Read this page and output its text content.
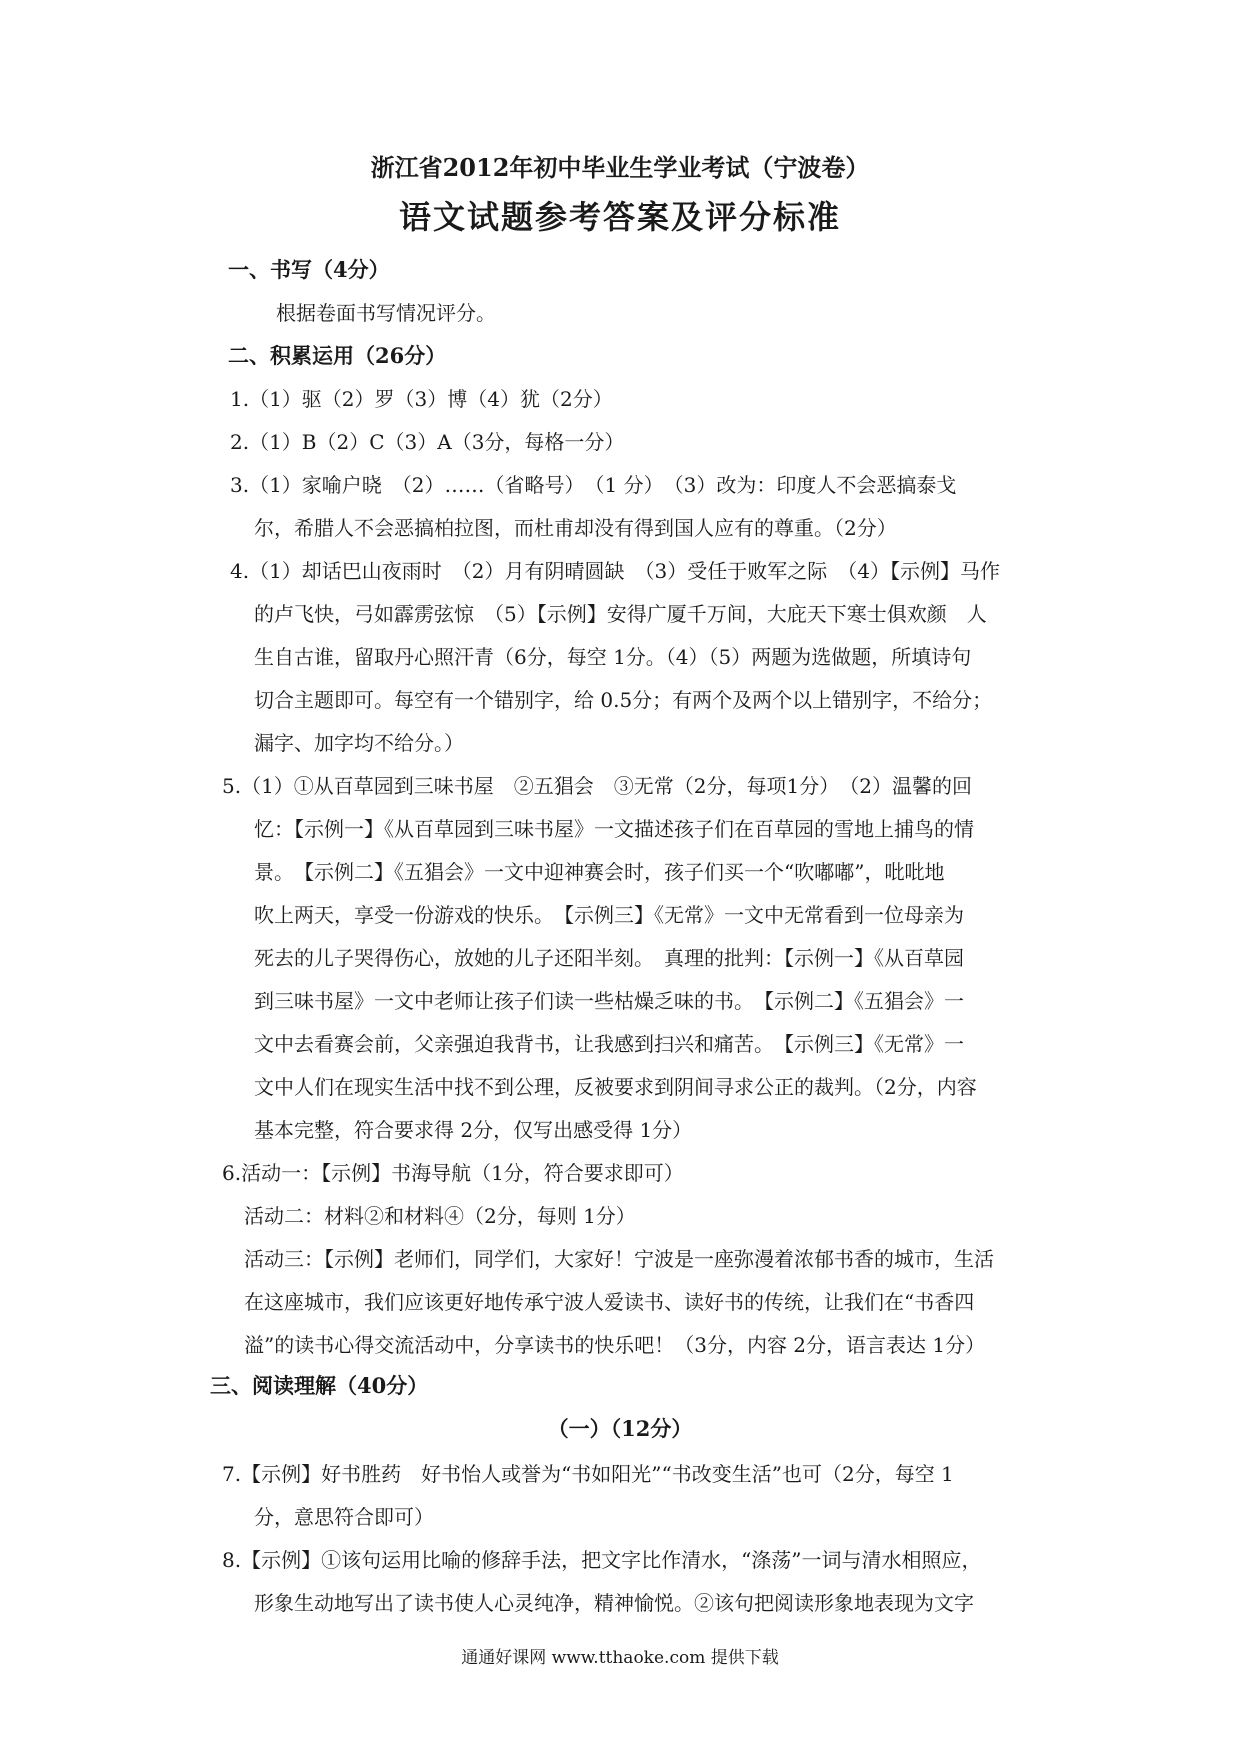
浙江省2012年初中毕业生学业考试（宁波卷）
语文试题参考答案及评分标准
一、书写（4分）
根据卷面书写情况评分。
二、积累运用（26分）
1.（1）驱（2）罗（3）博（4）犹（2分）
2.（1）B（2）C（3）A（3分，每格一分）
3.（1）家喻户晓　（2）……（省略号）　（1 分）　（3）改为：印度人不会恶搞泰戈
尔，希腊人不会恶搞柏拉图，而杜甫却没有得到国人应有的尊重。（2分）
4.（1）却话巴山夜雨时　（2）月有阴晴圆缺　（3）受任于败军之际　（4）【示例】马作
的卢飞快，弓如霹雳弦惊　（5）【示例】安得广厦千万间，大庇天下寒士俱欢颜　人
生自古谁，留取丹心照汗青（6分，每空 1分。（4）（5）两题为选做题，所填诗句
切合主题即可。每空有一个错别字，给 0.5分；有两个及两个以上错别字，不给分；
漏字、加字均不给分。）
5.（1）①从百草园到三味书屋　②五猖会　③无常（2分，每项1分）　（2）温馨的回
忆：【示例一】《从百草园到三味书屋》一文描述孩子们在百草园的雪地上捕鸟的情
景。　【示例二】《五猖会》一文中迎神赛会时，孩子们买一个“吹嘟嘟”，吡吡地
吹上两天，享受一份游戏的快乐。　【示例三】《无常》一文中无常看到一位母亲为
死去的儿子哭得伤心，放她的儿子还阳半刻。　真理的批判：【示例一】《从百草园
到三味书屋》一文中老师让孩子们读一些枯燥乏味的书。　【示例二】《五猖会》一
文中去看赛会前，父亲强迫我背书，让我感到扫兴和痛苦。　【示例三】《无常》一
文中人们在现实生活中找不到公理，反被要求到阴间寻求公正的裁判。（2分，内容
基本完整，符合要求得 2分，仅写出感受得 1分）
6.活动一：【示例】书海导航（1分，符合要求即可）
活动二：材料②和材料④（2分，每则 1分）
活动三：【示例】老师们，同学们，大家好！宁波是一座弥漫着浓郁书香的城市，生活
在这座城市，我们应该更好地传承宁波人爱读书、读好书的传统，让我们在“书香四
溢”的读书心得交流活动中，分享读书的快乐吧！（3分，内容 2分，语言表达 1分）
三、阅读理解（40分）
（一）（12分）
7.【示例】好书胜药　好书怡人或誉为“书如阳光”“书改变生活”也可（2分，每空 1
分，意思符合即可）
8.【示例】①该句运用比喻的修辞手法，把文字比作清水，“涤荡”一词与清水相照应，
形象生动地写出了读书使人心灵纯净，精神愉悦。②该句把阅读形象地表现为文字
通通好课网 www.tthaoke.com 提供下载
